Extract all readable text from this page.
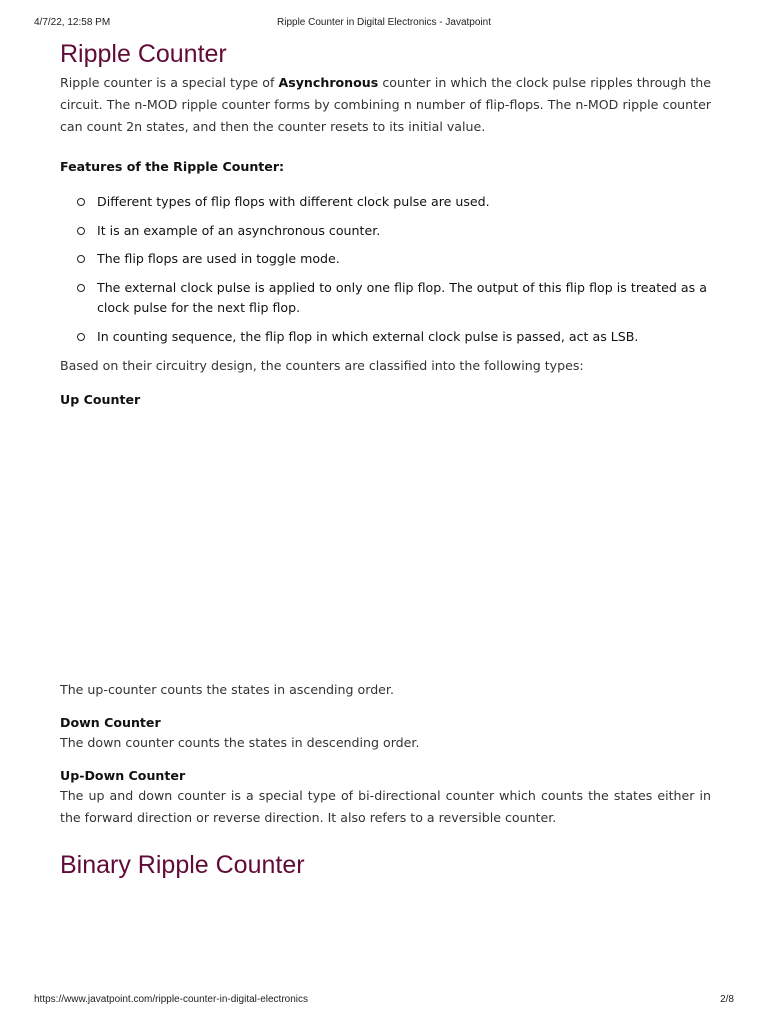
4/7/22, 12:58 PM	Ripple Counter in Digital Electronics - Javatpoint
Ripple Counter

Ripple counter is a special type of Asynchronous counter in which the clock pulse ripples through the circuit. The n-MOD ripple counter forms by combining n number of flip-flops. The n-MOD ripple counter can count 2n states, and then the counter resets to its initial value.

Features of the Ripple Counter:
Different types of flip flops with different clock pulse are used.
It is an example of an asynchronous counter.
The flip flops are used in toggle mode.
The external clock pulse is applied to only one flip flop. The output of this flip flop is treated as a clock pulse for the next flip flop.
In counting sequence, the flip flop in which external clock pulse is passed, act as LSB.

Based on their circuitry design, the counters are classified into the following types:

Up Counter

The up-counter counts the states in ascending order.

Down Counter

The down counter counts the states in descending order.

Up-Down Counter

The up and down counter is a special type of bi-directional counter which counts the states either in the forward direction or reverse direction. It also refers to a reversible counter.

Binary Ripple Counter
https://www.javatpoint.com/ripple-counter-in-digital-electronics	2/8
